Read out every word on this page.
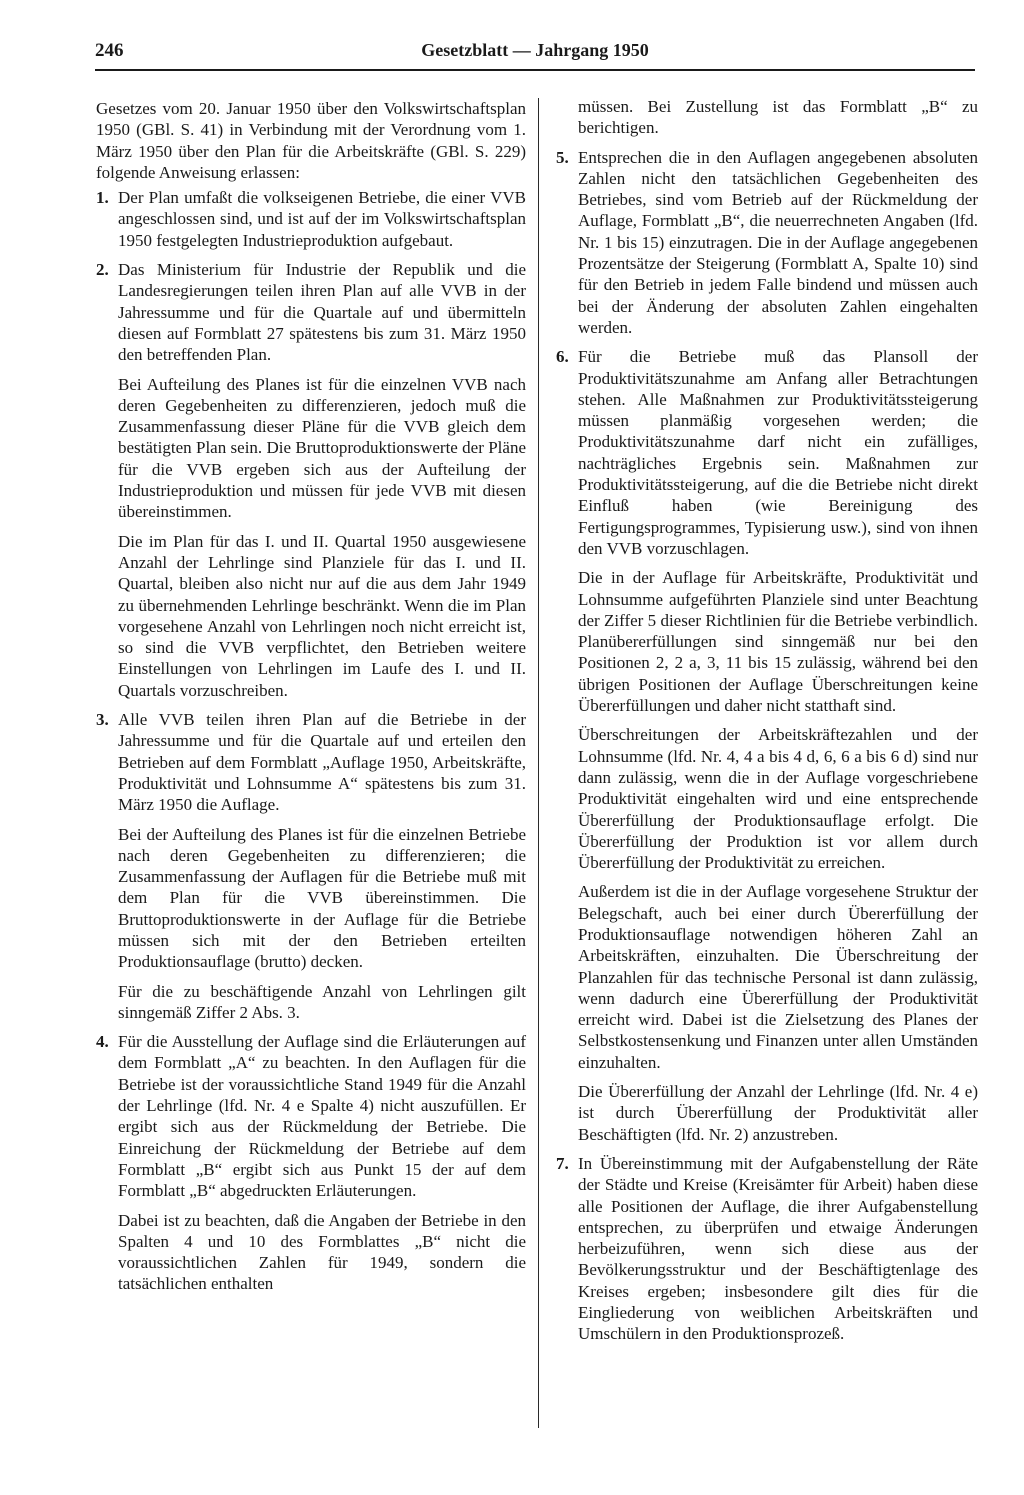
246	Gesetzblatt — Jahrgang 1950

Gesetzes vom 20. Januar 1950 über den Volkswirtschaftsplan 1950 (GBl. S. 41) in Verbindung mit der Verordnung vom 1. März 1950 über den Plan für die Arbeitskräfte (GBl. S. 229) folgende Anweisung erlassen:

1. Der Plan umfaßt die volkseigenen Betriebe, die einer VVB angeschlossen sind, und ist auf der im Volkswirtschaftsplan 1950 festgelegten Industrieproduktion aufgebaut.

2. Das Ministerium für Industrie der Republik und die Landesregierungen teilen ihren Plan auf alle VVB in der Jahressumme und für die Quartale auf und übermitteln diesen auf Formblatt 27 spätestens bis zum 31. März 1950 den betreffenden Plan.

Bei Aufteilung des Planes ist für die einzelnen VVB nach deren Gegebenheiten zu differenzieren, jedoch muß die Zusammenfassung dieser Pläne für die VVB gleich dem bestätigten Plan sein. Die Bruttoproduktionswerte der Pläne für die VVB ergeben sich aus der Aufteilung der Industrieproduktion und müssen für jede VVB mit diesen übereinstimmen.

Die im Plan für das I. und II. Quartal 1950 ausgewiesene Anzahl der Lehrlinge sind Planziele für das I. und II. Quartal, bleiben also nicht nur auf die aus dem Jahr 1949 zu übernehmenden Lehrlinge beschränkt. Wenn die im Plan vorgesehene Anzahl von Lehrlingen noch nicht erreicht ist, so sind die VVB verpflichtet, den Betrieben weitere Einstellungen von Lehrlingen im Laufe des I. und II. Quartals vorzuschreiben.

3. Alle VVB teilen ihren Plan auf die Betriebe in der Jahressumme und für die Quartale auf und erteilen den Betrieben auf dem Formblatt „Auflage 1950, Arbeitskräfte, Produktivität und Lohnsumme A“ spätestens bis zum 31. März 1950 die Auflage.

Bei der Aufteilung des Planes ist für die einzelnen Betriebe nach deren Gegebenheiten zu differenzieren; die Zusammenfassung der Auflagen für die Betriebe muß mit dem Plan für die VVB übereinstimmen. Die Bruttoproduktionswerte in der Auflage für die Betriebe müssen sich mit der den Betrieben erteilten Produktionsauflage (brutto) decken.

Für die zu beschäftigende Anzahl von Lehrlingen gilt sinngemäß Ziffer 2 Abs. 3.

4. Für die Ausstellung der Auflage sind die Erläuterungen auf dem Formblatt „A“ zu beachten. In den Auflagen für die Betriebe ist der voraussichtliche Stand 1949 für die Anzahl der Lehrlinge (lfd. Nr. 4 e Spalte 4) nicht auszufüllen. Er ergibt sich aus der Rückmeldung der Betriebe. Die Einreichung der Rückmeldung der Betriebe auf dem Formblatt „B“ ergibt sich aus Punkt 15 der auf dem Formblatt „B“ abgedruckten Erläuterungen.

Dabei ist zu beachten, daß die Angaben der Betriebe in den Spalten 4 und 10 des Formblattes „B“ nicht die voraussichtlichen Zahlen für 1949, sondern die tatsächlichen enthalten

müssen. Bei Zustellung ist das Formblatt „B“ zu berichtigen.

5. Entsprechen die in den Auflagen angegebenen absoluten Zahlen nicht den tatsächlichen Gegebenheiten des Betriebes, sind vom Betrieb auf der Rückmeldung der Auflage, Formblatt „B“, die neuerrechneten Angaben (lfd. Nr. 1 bis 15) einzutragen. Die in der Auflage angegebenen Prozentsätze der Steigerung (Formblatt A, Spalte 10) sind für den Betrieb in jedem Falle bindend und müssen auch bei der Änderung der absoluten Zahlen eingehalten werden.

6. Für die Betriebe muß das Plansoll der Produktivitätszunahme am Anfang aller Betrachtungen stehen. Alle Maßnahmen zur Produktivitätssteigerung müssen planmäßig vorgesehen werden; die Produktivitätszunahme darf nicht ein zufälliges, nachträgliches Ergebnis sein. Maßnahmen zur Produktivitätssteigerung, auf die die Betriebe nicht direkt Einfluß haben (wie Bereinigung des Fertigungsprogrammes, Typisierung usw.), sind von ihnen den VVB vorzuschlagen.

Die in der Auflage für Arbeitskräfte, Produktivität und Lohnsumme aufgeführten Planziele sind unter Beachtung der Ziffer 5 dieser Richtlinien für die Betriebe verbindlich. Planübererfüllungen sind sinngemäß nur bei den Positionen 2, 2 a, 3, 11 bis 15 zulässig, während bei den übrigen Positionen der Auflage Überschreitungen keine Übererfüllungen und daher nicht statthaft sind.

Überschreitungen der Arbeitskräftezahlen und der Lohnsumme (lfd. Nr. 4, 4 a bis 4 d, 6, 6 a bis 6 d) sind nur dann zulässig, wenn die in der Auflage vorgeschriebene Produktivität eingehalten wird und eine entsprechende Übererfüllung der Produktionsauflage erfolgt. Die Übererfüllung der Produktion ist vor allem durch Übererfüllung der Produktivität zu erreichen.

Außerdem ist die in der Auflage vorgesehene Struktur der Belegschaft, auch bei einer durch Übererfüllung der Produktionsauflage notwendigen höheren Zahl an Arbeitskräften, einzuhalten. Die Überschreitung der Planzahlen für das technische Personal ist dann zulässig, wenn dadurch eine Übererfüllung der Produktivität erreicht wird. Dabei ist die Zielsetzung des Planes der Selbstkostensenkung und Finanzen unter allen Umständen einzuhalten.

Die Übererfüllung der Anzahl der Lehrlinge (lfd. Nr. 4 e) ist durch Übererfüllung der Produktivität aller Beschäftigten (lfd. Nr. 2) anzustreben.

7. In Übereinstimmung mit der Aufgabenstellung der Räte der Städte und Kreise (Kreisämter für Arbeit) haben diese alle Positionen der Auflage, die ihrer Aufgabenstellung entsprechen, zu überprüfen und etwaige Änderungen herbeizuführen, wenn sich diese aus der Bevölkerungsstruktur und der Beschäftigtenlage des Kreises ergeben; insbesondere gilt dies für die Eingliederung von weiblichen Arbeitskräften und Umschülern in den Produktionsprozeß.
